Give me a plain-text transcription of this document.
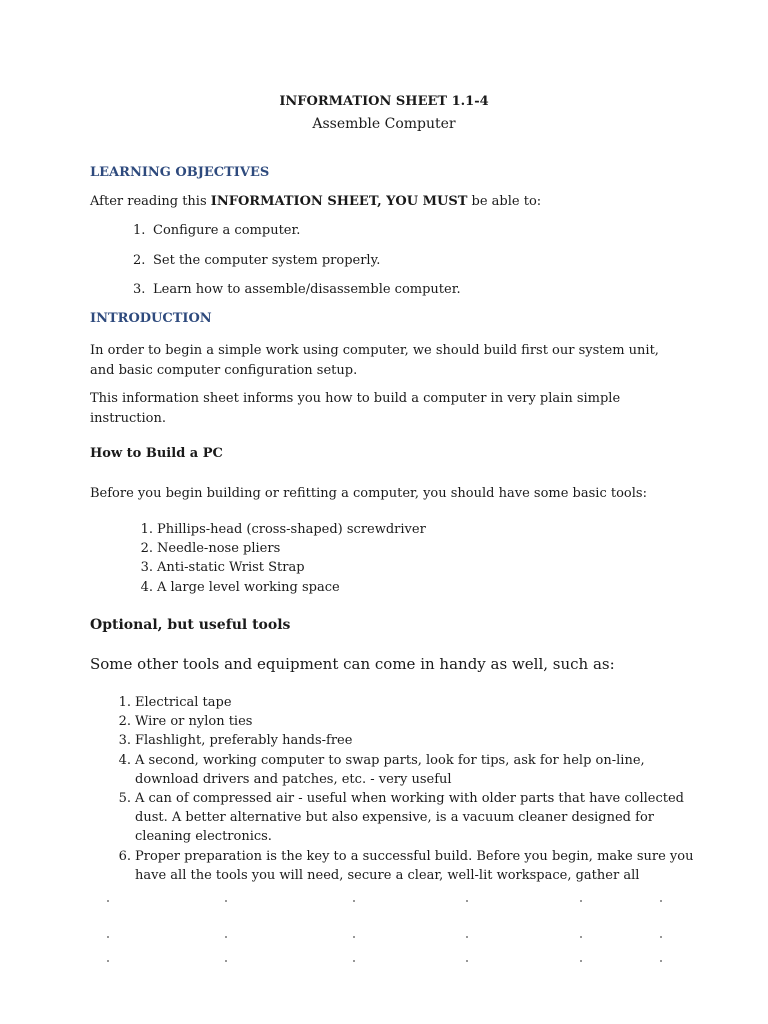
INFORMATION SHEET 1.1-4
Assemble Computer
LEARNING OBJECTIVES
After reading this INFORMATION SHEET, YOU MUST be able to:
1. Configure a computer.
2. Set the computer system properly.
3. Learn how to assemble/disassemble computer.
INTRODUCTION
In order to begin a simple work using computer, we should build first our system unit,
and basic computer configuration setup.
This information sheet informs you how to build a computer in very plain simple
instruction.
How to Build a PC
Before you begin building or refitting a computer, you should have some basic tools:
1. Phillips-head (cross-shaped) screwdriver
2. Needle-nose pliers
3. Anti-static Wrist Strap
4. A large level working space
Optional, but useful tools
Some other tools and equipment can come in handy as well, such as:
1. Electrical tape
2. Wire or nylon ties
3. Flashlight, preferably hands-free
4. A second, working computer to swap parts, look for tips, ask for help on-line, download drivers and patches, etc. - very useful
5. A can of compressed air - useful when working with older parts that have collected dust. A better alternative but also expensive, is a vacuum cleaner designed for cleaning electronics.
6. Proper preparation is the key to a successful build. Before you begin, make sure you have all the tools you will need, secure a clear, well-lit workspace, gather all
